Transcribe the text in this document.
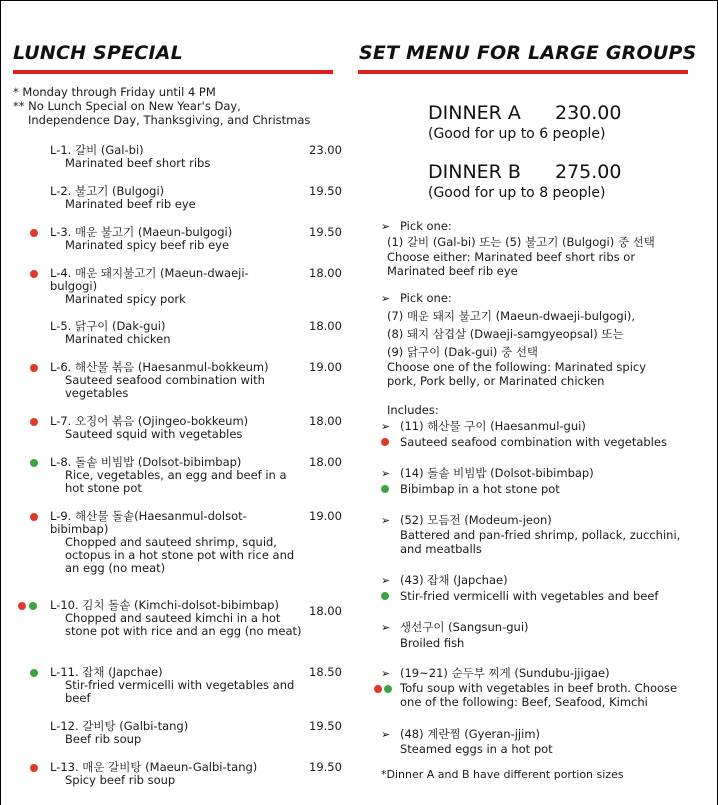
LUNCH SPECIAL
* Monday through Friday until 4 PM
** No Lunch Special on New Year's Day,
Independence Day, Thanksgiving, and Christmas
L-1. 갈비 (Gal-bi)
Marinated beef short ribs
23.00
L-2. 불고기 (Bulgogi)
Marinated beef rib eye
19.50
L-3. 매운 불고기 (Maeun-bulgogi)
Marinated spicy beef rib eye
19.50
L-4. 매운 돼지불고기 (Maeun-dwaeji-bulgogi)
Marinated spicy pork
18.00
L-5. 닭구이 (Dak-gui)
Marinated chicken
18.00
L-6. 해산물 볶음 (Haesanmul-bokkeum)
Sauteed seafood combination with vegetables
19.00
L-7. 오징어 볶음 (Ojingeo-bokkeum)
Sauteed squid with vegetables
18.00
L-8. 돌솥 비빔밥 (Dolsot-bibimbap)
Rice, vegetables, an egg and beef in a hot stone pot
18.00
L-9. 해산물 돌솥(Haesanmul-dolsot-bibimbap)
Chopped and sauteed shrimp, squid, octopus in a hot stone pot with rice and an egg (no meat)
19.00
L-10. 김치 돌솥 (Kimchi-dolsot-bibimbap)
Chopped and sauteed kimchi in a hot stone pot with rice and an egg (no meat)
18.00
L-11. 잡채 (Japchae)
Stir-fried vermicelli with vegetables and beef
18.50
L-12. 갈비탕 (Galbi-tang)
Beef rib soup
19.50
L-13. 매운 갈비탕 (Maeun-Galbi-tang)
Spicy beef rib soup
19.50
SET MENU FOR LARGE GROUPS
DINNER A 230.00
(Good for up to 6 people)
DINNER B 275.00
(Good for up to 8 people)
➢ Pick one:
(1) 갈비 (Gal-bi) 또는 (5) 불고기 (Bulgogi) 중 선택
Choose either: Marinated beef short ribs or
Marinated beef rib eye
➢ Pick one:
(7) 매운 돼지 불고기 (Maeun-dwaeji-bulgogi),
(8) 돼지 삼겹살 (Dwaeji-samgyeopsal) 또는
(9) 닭구이 (Dak-gui) 중 선택
Choose one of the following: Marinated spicy
pork, Pork belly, or Marinated chicken
Includes:
➢ (11) 해산물 구이 (Haesanmul-gui)
Sauteed seafood combination with vegetables
➢ (14) 돌솥 비빔밥 (Dolsot-bibimbap)
Bibimbap in a hot stone pot
➢ (52) 모듬전 (Modeum-jeon)
Battered and pan-fried shrimp, pollack, zucchini, and meatballs
➢ (43) 잡채 (Japchae)
Stir-fried vermicelli with vegetables and beef
➢ 생선구이 (Sangsun-gui)
Broiled fish
➢ (19~21) 순두부 찌게 (Sundubu-jjigae)
Tofu soup with vegetables in beef broth. Choose one of the following: Beef, Seafood, Kimchi
➢ (48) 계란찜 (Gyeran-jjim)
Steamed eggs in a hot pot
*Dinner A and B have different portion sizes
